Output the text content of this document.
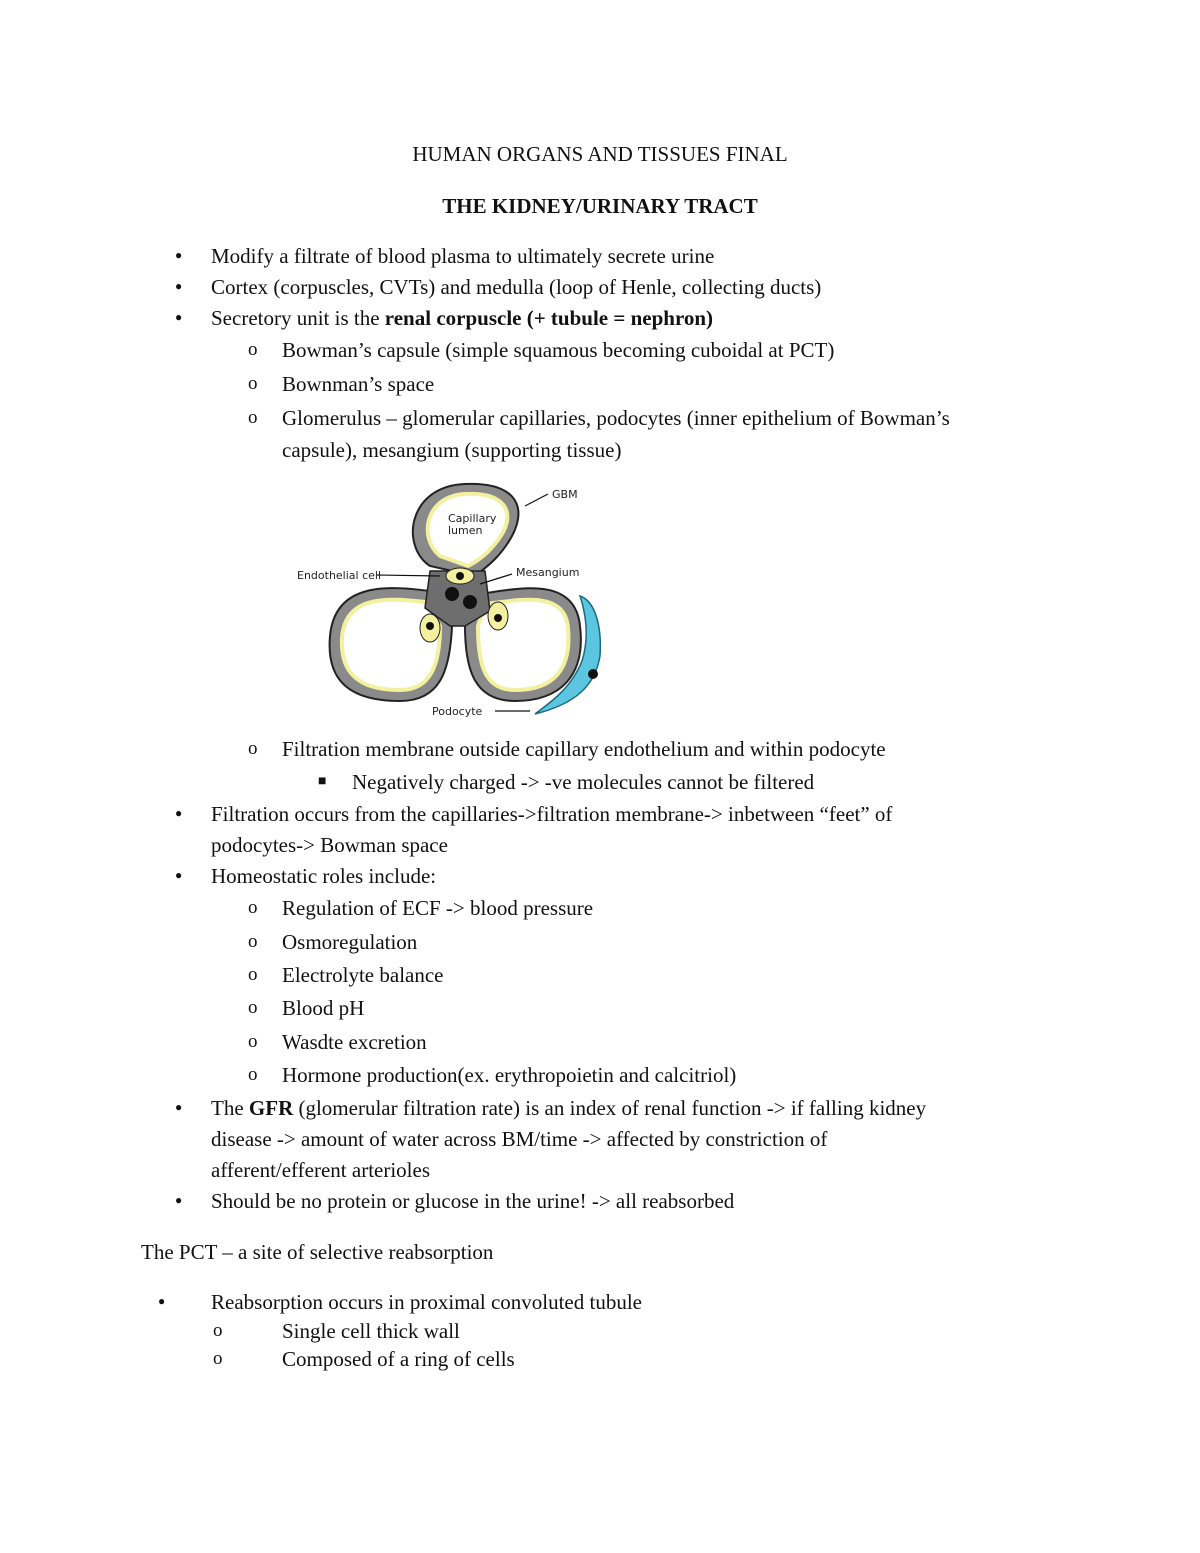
HUMAN ORGANS AND TISSUES FINAL
THE KIDNEY/URINARY TRACT
● Modify a filtrate of blood plasma to ultimately secrete urine
● Cortex (corpuscles, CVTs) and medulla (loop of Henle, collecting ducts)
● Secretory unit is the renal corpuscle (+ tubule = nephron)
o Bowman’s capsule (simple squamous becoming cuboidal at PCT)
o Bownman’s space
o Glomerulus – glomerular capillaries, podocytes (inner epithelium of Bowman’s
capsule), mesangium (supporting tissue)
GBM
Capillary
lumen
Endothelial cell	Mesangium
Podocyte
o Filtration membrane outside capillary endothelium and within podocyte
■ Negatively charged -> -ve molecules cannot be filtered
● Filtration occurs from the capillaries->filtration membrane-> inbetween “feet” of
podocytes-> Bowman space
● Homeostatic roles include:
o Regulation of ECF -> blood pressure
o Osmoregulation
o Electrolyte balance
o Blood pH
o Wasdte excretion
o Hormone production(ex. erythropoietin and calcitriol)
● The GFR (glomerular filtration rate) is an index of renal function -> if falling kidney
disease -> amount of water across BM/time -> affected by constriction of
afferent/efferent arterioles
● Should be no protein or glucose in the urine! -> all reabsorbed
The PCT – a site of selective reabsorption
● Reabsorption occurs in proximal convoluted tubule
o	Single cell thick wall
o	Composed of a ring of cells
